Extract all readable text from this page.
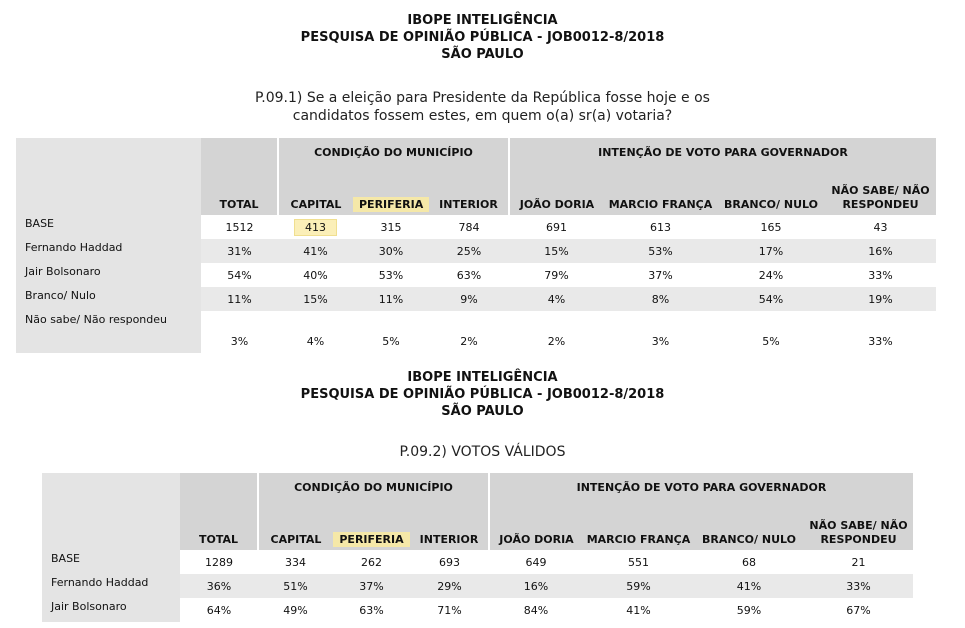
IBOPE INTELIGÊNCIA
PESQUISA DE OPINIÃO PÚBLICA - JOB0012-8/2018
SÃO PAULO
P.09.1) Se a eleição para Presidente da República fosse hoje e os
candidatos fossem estes, em quem o(a) sr(a) votaria?
	TOTAL	CONDIÇÃO DO MUNICÍPIO			INTENÇÃO DE VOTO PARA GOVERNADOR			
		CAPITAL	PERIFERIA	INTERIOR	JOÃO DORIA	MARCIO FRANÇA	BRANCO/ NULO	NÃO SABE/ NÃO
RESPONDEU

BASE	1512	413	315	784	691	613	165	43
Fernando Haddad	31%	41%	30%	25%	15%	53%	17%	16%
Jair Bolsonaro	54%	40%	53%	63%	79%	37%	24%	33%
Branco/ Nulo	11%	15%	11%	9%	4%	8%	54%	19%
Não sabe/ Não respondeu	3%	4%	5%	2%	2%	3%	5%	33%
IBOPE INTELIGÊNCIA
PESQUISA DE OPINIÃO PÚBLICA - JOB0012-8/2018
SÃO PAULO
P.09.2) VOTOS VÁLIDOS
	TOTAL	CONDIÇÃO DO MUNICÍPIO			INTENÇÃO DE VOTO PARA GOVERNADOR			
		CAPITAL	PERIFERIA	INTERIOR	JOÃO DORIA	MARCIO FRANÇA	BRANCO/ NULO	NÃO SABE/ NÃO
RESPONDEU

BASE	1289	334	262	693	649	551	68	21
Fernando Haddad	36%	51%	37%	29%	16%	59%	41%	33%
Jair Bolsonaro	64%	49%	63%	71%	84%	41%	59%	67%
